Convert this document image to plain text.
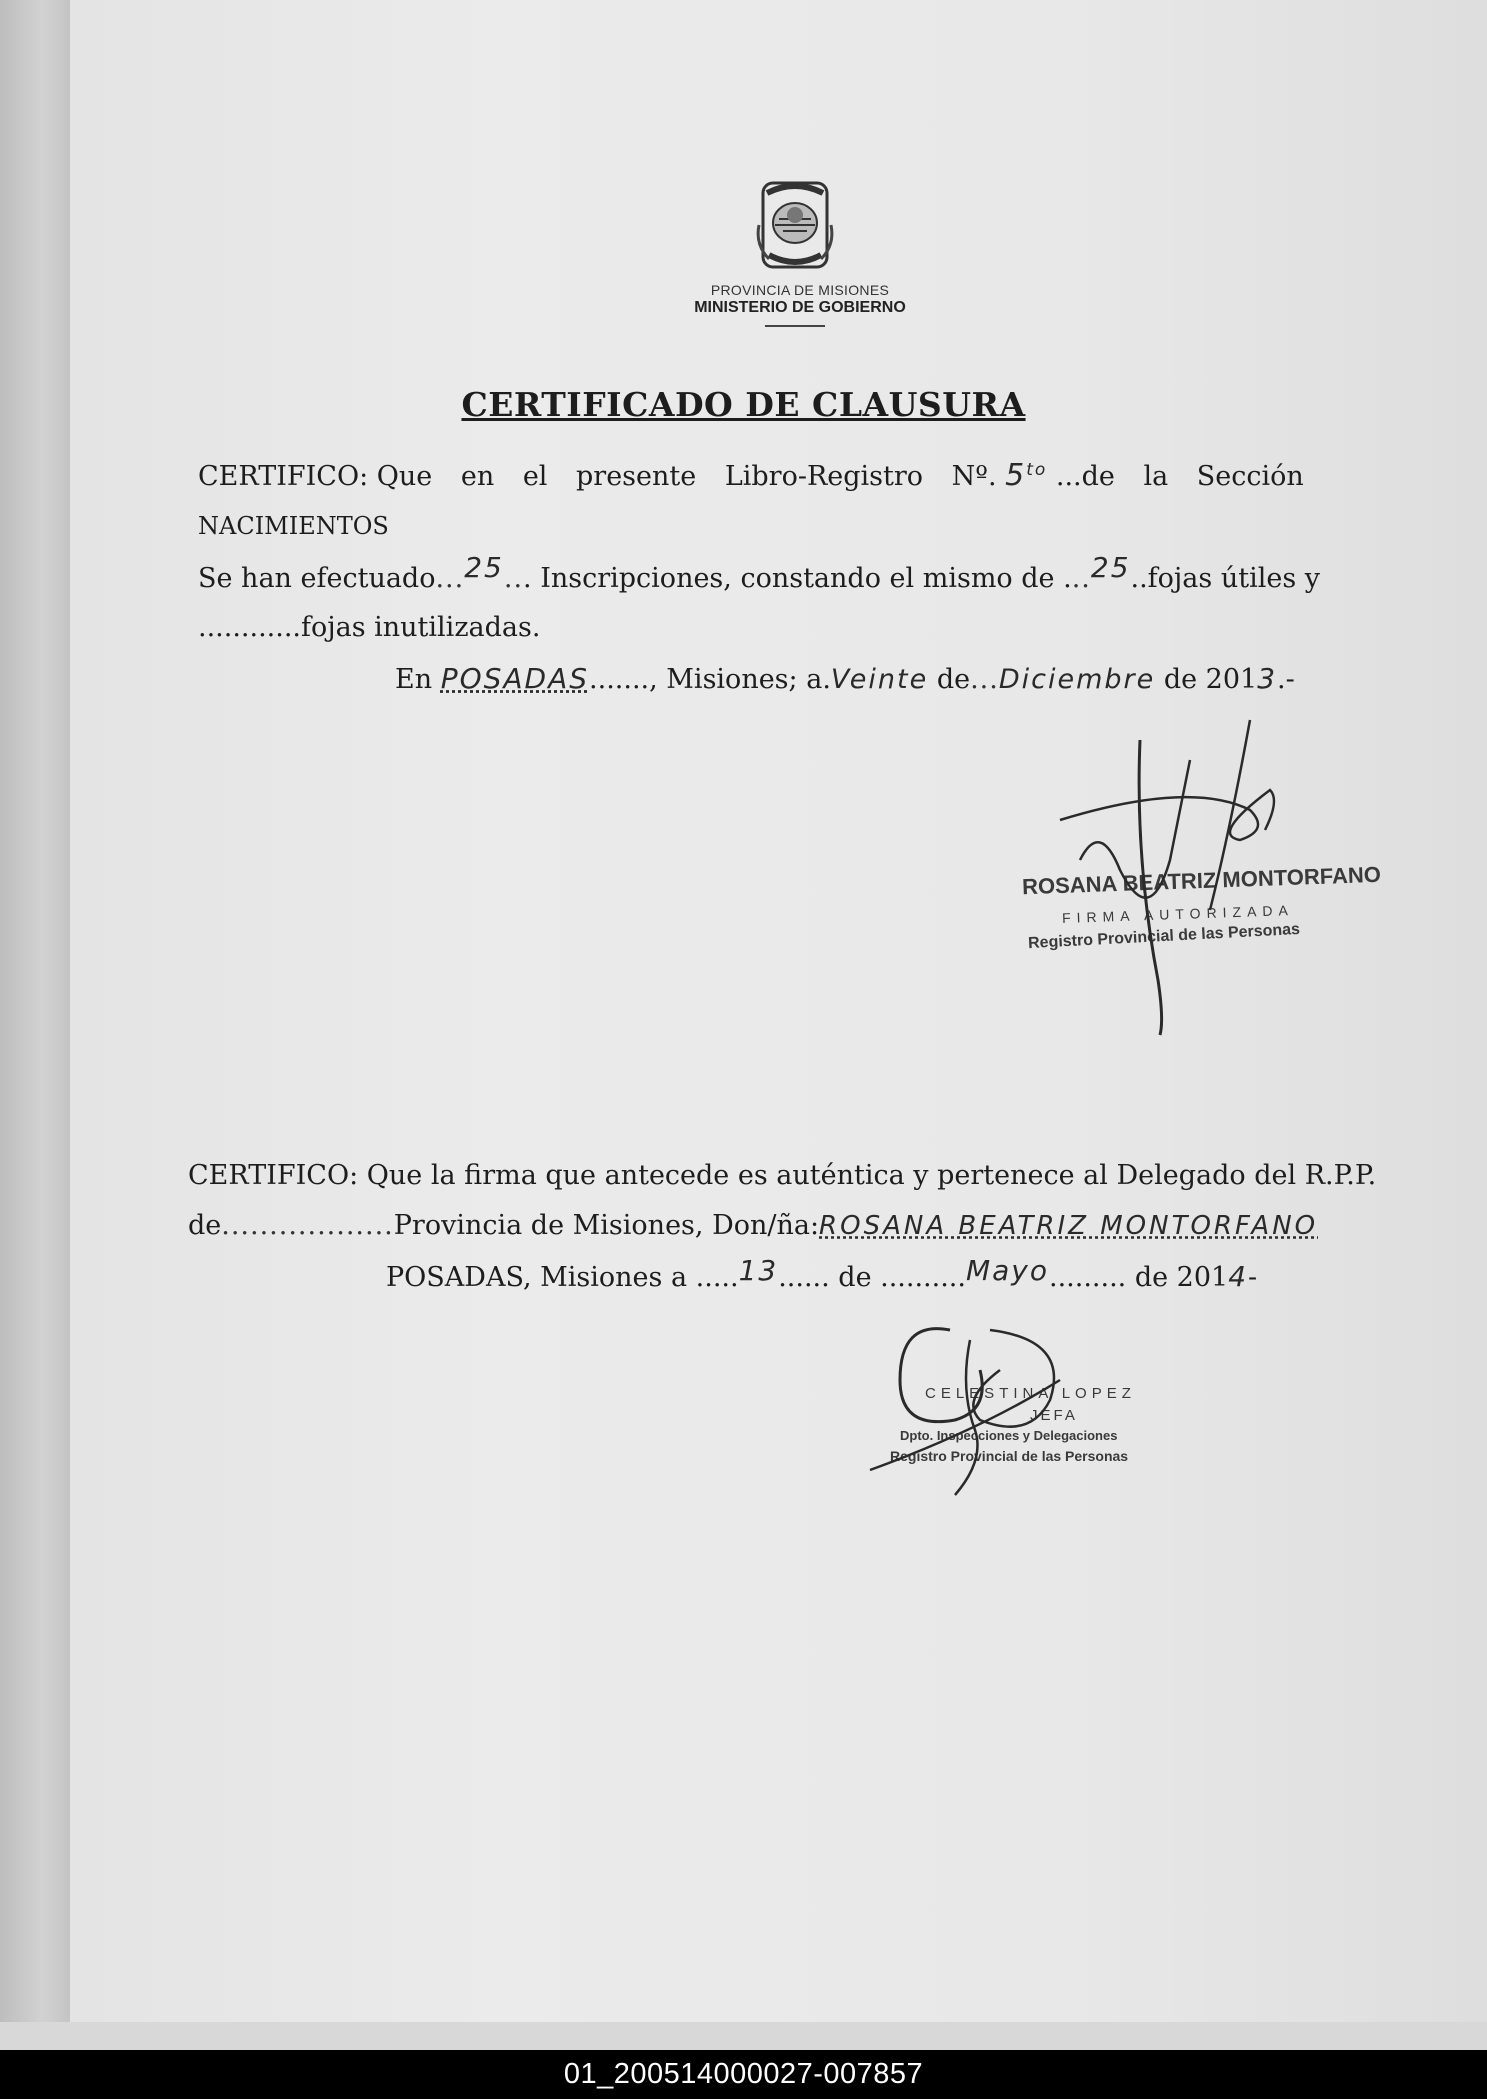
PROVINCIA DE MISIONES
MINISTERIO DE GOBIERNO
CERTIFICADO DE CLAUSURA
CERTIFICO: Que en el presente Libro-Registro Nº. $5^{to}$ ...de la Sección
NACIMIENTOS
Se han efectuado...25... Inscripciones, constando el mismo de ...25..fojas útiles y
............fojas inutilizadas.
En POSADAS......., Misiones; a.Veinte de...Diciembre de 2013.-
ROSANA BEATRIZ MONTORFANO
FIRMA AUTORIZADA
Registro Provincial de las Personas
CERTIFICO: Que la firma que antecede es auténtica y pertenece al Delegado del R.P.P.
de..................Provincia de Misiones, Don/ña:ROSANA BEATRIZ MONTORFANO
POSADAS, Misiones a .....13...... de ..........Mayo......... de 2014-
CELESTINA LOPEZ
JEFA
Dpto. Inspecciones y Delegaciones
Registro Provincial de las Personas
01_200514000027-007857
